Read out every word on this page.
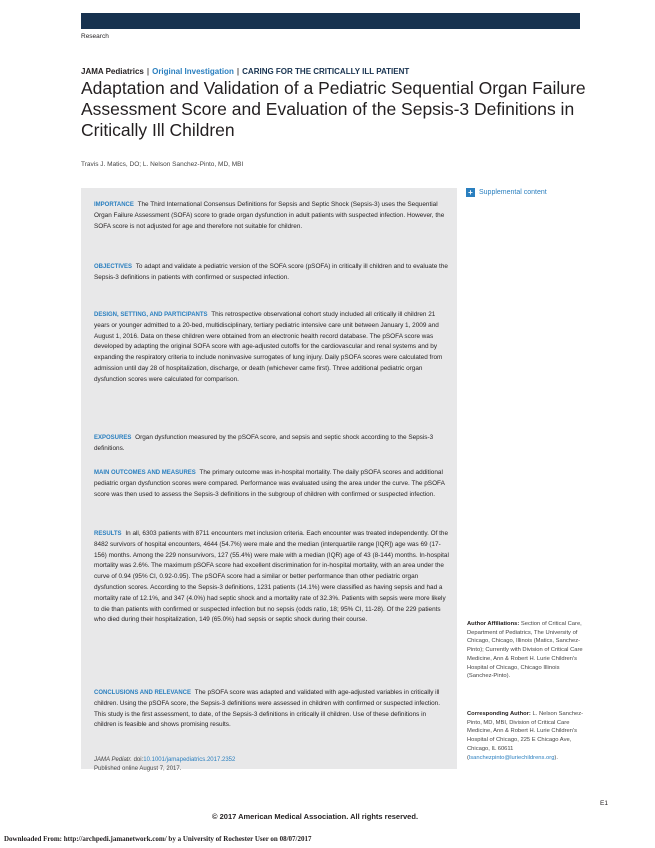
Research
JAMA Pediatrics | Original Investigation | CARING FOR THE CRITICALLY ILL PATIENT
Adaptation and Validation of a Pediatric Sequential Organ Failure Assessment Score and Evaluation of the Sepsis-3 Definitions in Critically Ill Children
Travis J. Matics, DO; L. Nelson Sanchez-Pinto, MD, MBI
+ Supplemental content

IMPORTANCE The Third International Consensus Definitions for Sepsis and Septic Shock (Sepsis-3) uses the Sequential Organ Failure Assessment (SOFA) score to grade organ dysfunction in adult patients with suspected infection. However, the SOFA score is not adjusted for age and therefore not suitable for children.

OBJECTIVES To adapt and validate a pediatric version of the SOFA score (pSOFA) in critically ill children and to evaluate the Sepsis-3 definitions in patients with confirmed or suspected infection.

DESIGN, SETTING, AND PARTICIPANTS This retrospective observational cohort study included all critically ill children 21 years or younger admitted to a 20-bed, multidisciplinary, tertiary pediatric intensive care unit between January 1, 2009 and August 1, 2016. Data on these children were obtained from an electronic health record database. The pSOFA score was developed by adapting the original SOFA score with age-adjusted cutoffs for the cardiovascular and renal systems and by expanding the respiratory criteria to include noninvasive surrogates of lung injury. Daily pSOFA scores were calculated from admission until day 28 of hospitalization, discharge, or death (whichever came first). Three additional pediatric organ dysfunction scores were calculated for comparison.

EXPOSURES Organ dysfunction measured by the pSOFA score, and sepsis and septic shock according to the Sepsis-3 definitions.

MAIN OUTCOMES AND MEASURES The primary outcome was in-hospital mortality. The daily pSOFA scores and additional pediatric organ dysfunction scores were compared. Performance was evaluated using the area under the curve. The pSOFA score was then used to assess the Sepsis-3 definitions in the subgroup of children with confirmed or suspected infection.

RESULTS In all, 6303 patients with 8711 encounters met inclusion criteria. Each encounter was treated independently. Of the 8482 survivors of hospital encounters, 4644 (54.7%) were male and the median (interquartile range [IQR]) age was 69 (17-156) months. Among the 229 nonsurvivors, 127 (55.4%) were male with a median (IQR) age of 43 (8-144) months. In-hospital mortality was 2.6%. The maximum pSOFA score had excellent discrimination for in-hospital mortality, with an area under the curve of 0.94 (95% CI, 0.92-0.95). The pSOFA score had a similar or better performance than other pediatric organ dysfunction scores. According to the Sepsis-3 definitions, 1231 patients (14.1%) were classified as having sepsis and had a mortality rate of 12.1%, and 347 (4.0%) had septic shock and a mortality rate of 32.3%. Patients with sepsis were more likely to die than patients with confirmed or suspected infection but no sepsis (odds ratio, 18; 95% CI, 11-28). Of the 229 patients who died during their hospitalization, 149 (65.0%) had sepsis or septic shock during their course.

CONCLUSIONS AND RELEVANCE The pSOFA score was adapted and validated with age-adjusted variables in critically ill children. Using the pSOFA score, the Sepsis-3 definitions were assessed in children with confirmed or suspected infection. This study is the first assessment, to date, of the Sepsis-3 definitions in critically ill children. Use of these definitions in children is feasible and shows promising results.

JAMA Pediatr. doi:10.1001/jamapediatrics.2017.2352
Published online August 7, 2017.

Author Affiliations: Section of Critical Care, Department of Pediatrics, The University of Chicago, Chicago, Illinois (Matics, Sanchez-Pinto); Currently with Division of Critical Care Medicine, Ann & Robert H. Lurie Children's Hospital of Chicago, Chicago Illinois (Sanchez-Pinto).

Corresponding Author: L. Nelson Sanchez-Pinto, MD, MBI, Division of Critical Care Medicine, Ann & Robert H. Lurie Children's Hospital of Chicago, 225 E Chicago Ave, Chicago, IL 60611 (lsanchezpinto@luriechildrens.org).

© 2017 American Medical Association. All rights reserved.
E1
Downloaded From: http://archpedi.jamanetwork.com/ by a University of Rochester User on 08/07/2017
